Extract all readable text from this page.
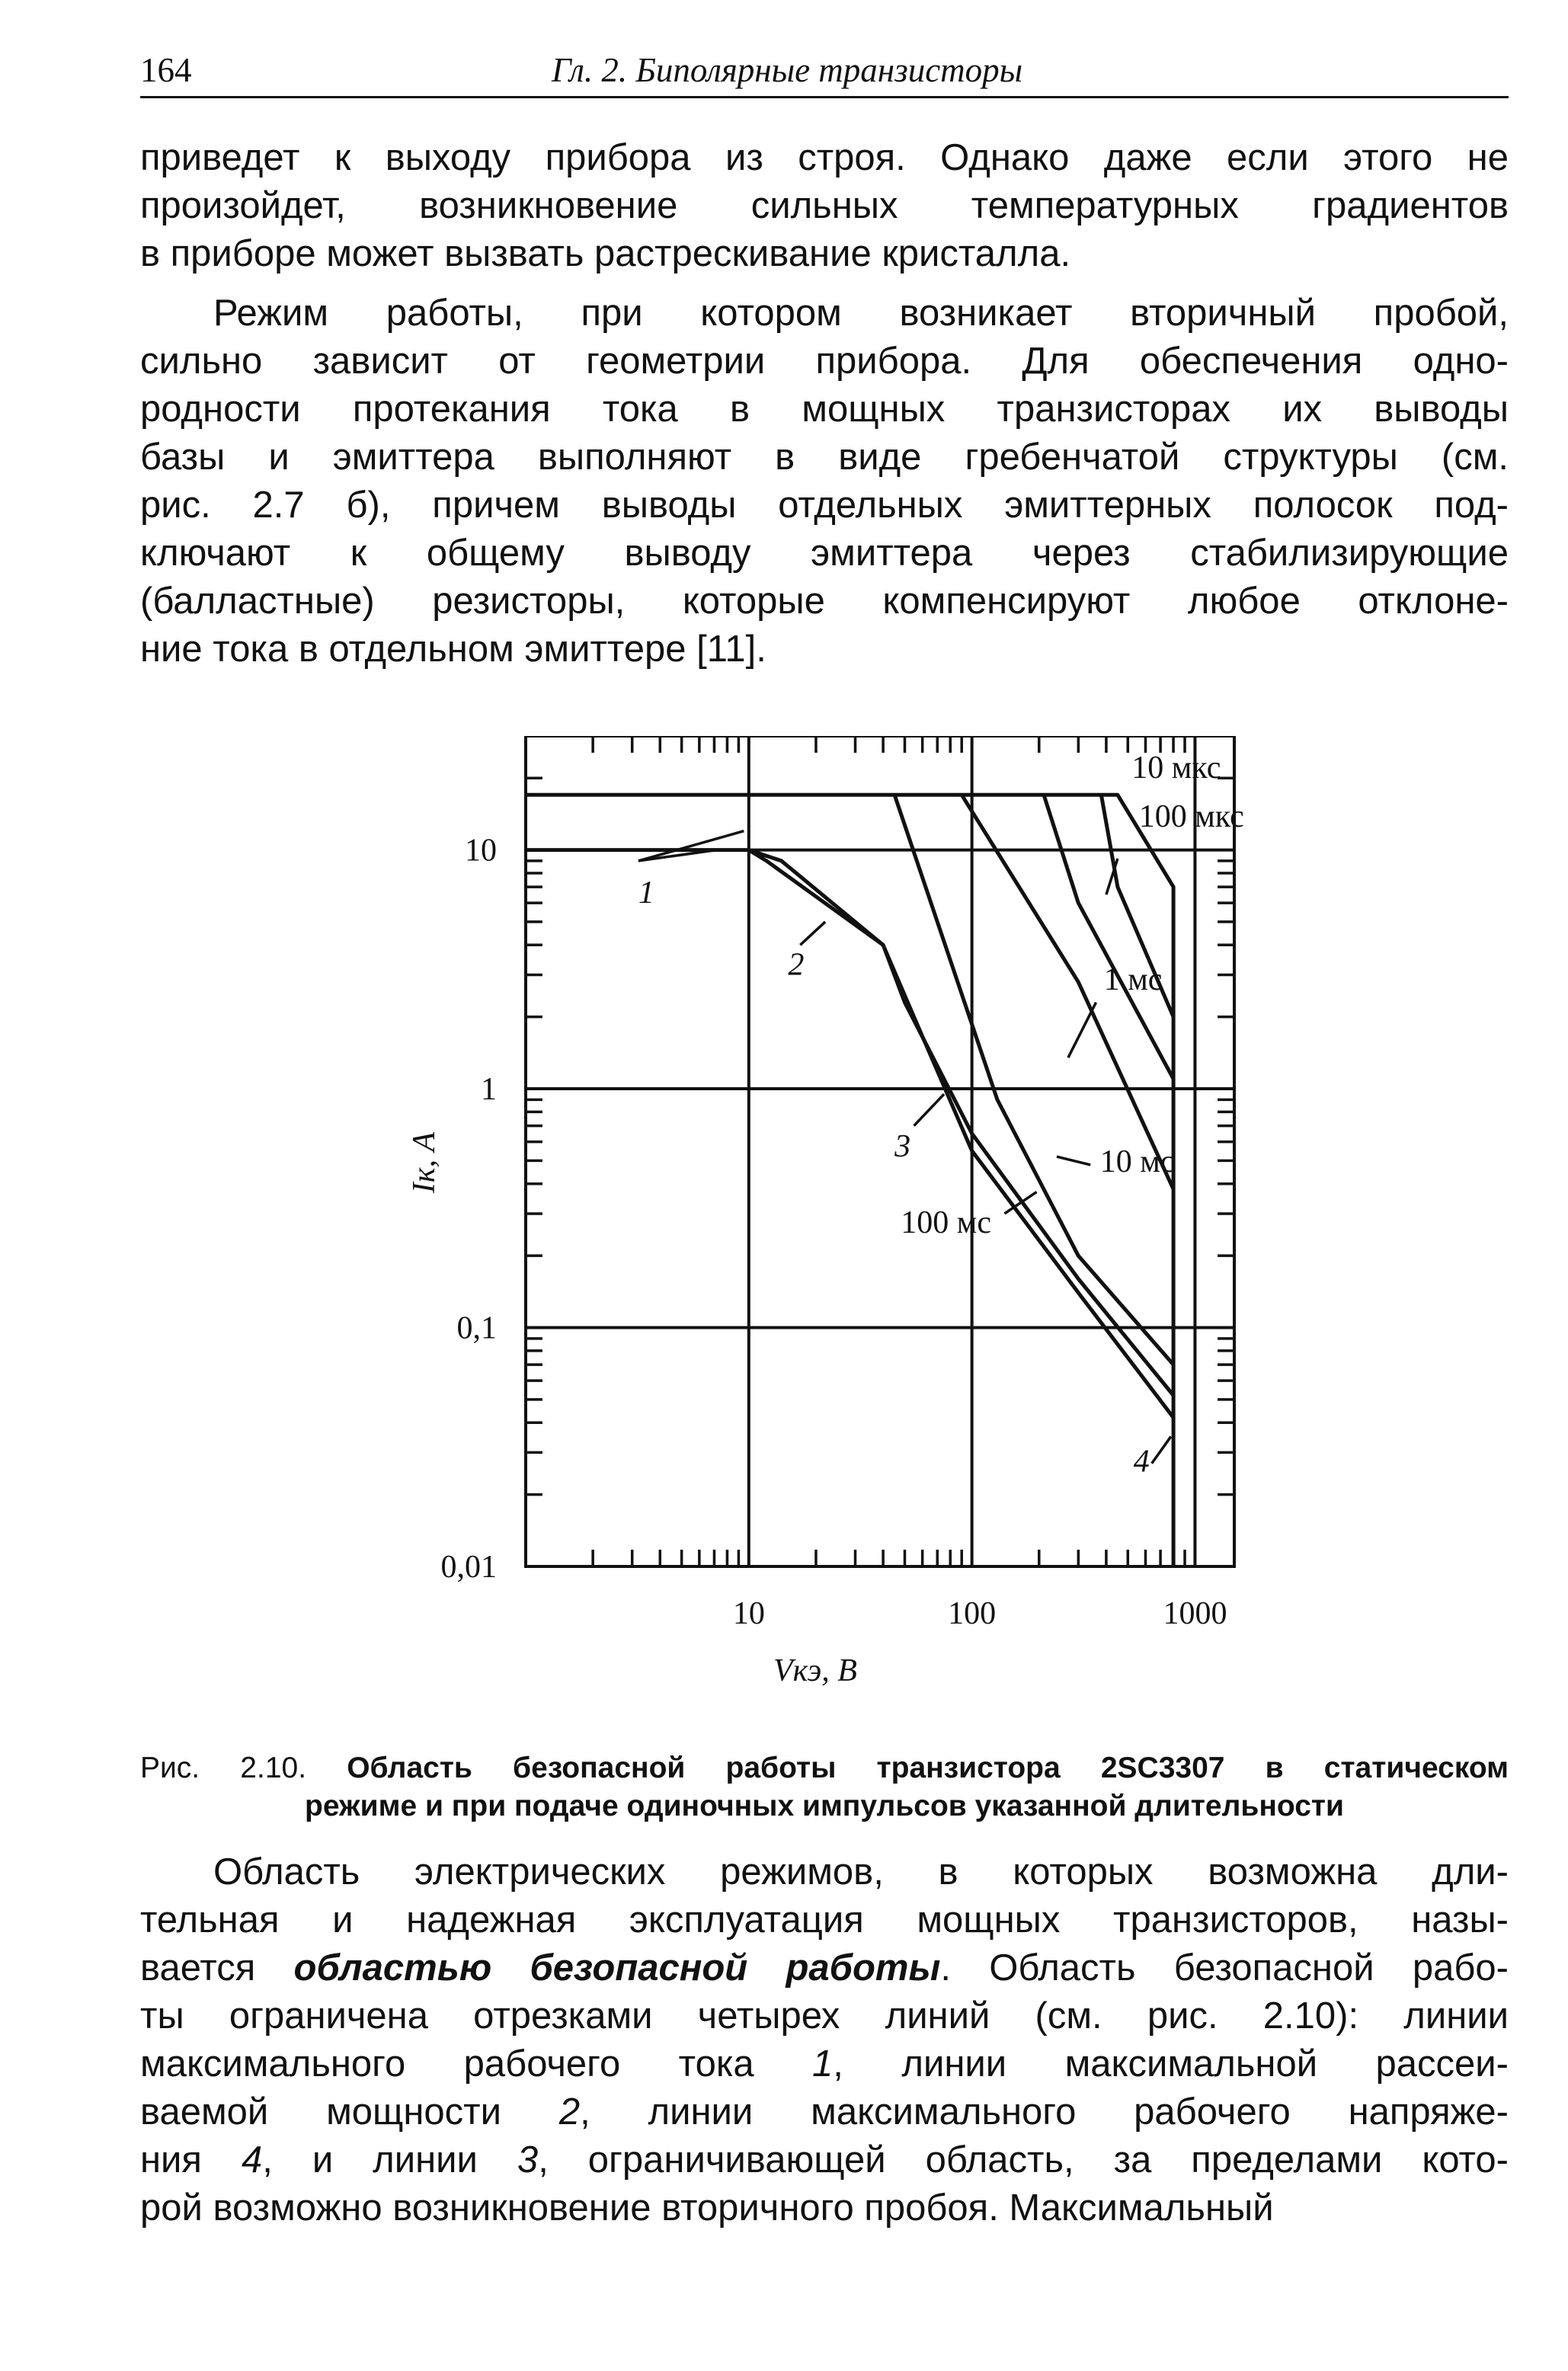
164	Гл. 2. Биполярные транзисторы

приведет к выходу прибора из строя. Однако даже если этого не
произойдет, возникновение сильных температурных градиентов
в приборе может вызвать растрескивание кристалла.

Режим работы, при котором возникает вторичный пробой,
сильно зависит от геометрии прибора. Для обеспечения одно-
родности протекания тока в мощных транзисторах их выводы
базы и эмиттера выполняют в виде гребенчатой структуры (см.
рис. 2.7 б), причем выводы отдельных эмиттерных полосок под-
ключают к общему выводу эмиттера через стабилизирующие
(балластные) резисторы, которые компенсируют любое отклоне-
ние тока в отдельном эмиттере [11].

10	100	1000
10
1
0,1
0,01
1
2
3
4
10 мкс
100 мкс
1 мс
10 мс
100 мс
Iк, А
Vкэ, В
Рис. 2.10. Область безопасной работы транзистора 2SC3307 в статическом
режиме и при подаче одиночных импульсов указанной длительности

Область электрических режимов, в которых возможна дли-
тельная и надежная эксплуатация мощных транзисторов, назы-
вается областью безопасной работы. Область безопасной рабо-
ты ограничена отрезками четырех линий (см. рис. 2.10): линии
максимального рабочего тока 1, линии максимальной рассеи-
ваемой мощности 2, линии максимального рабочего напряже-
ния 4, и линии 3, ограничивающей область, за пределами кото-
рой возможно возникновение вторичного пробоя. Максимальный
